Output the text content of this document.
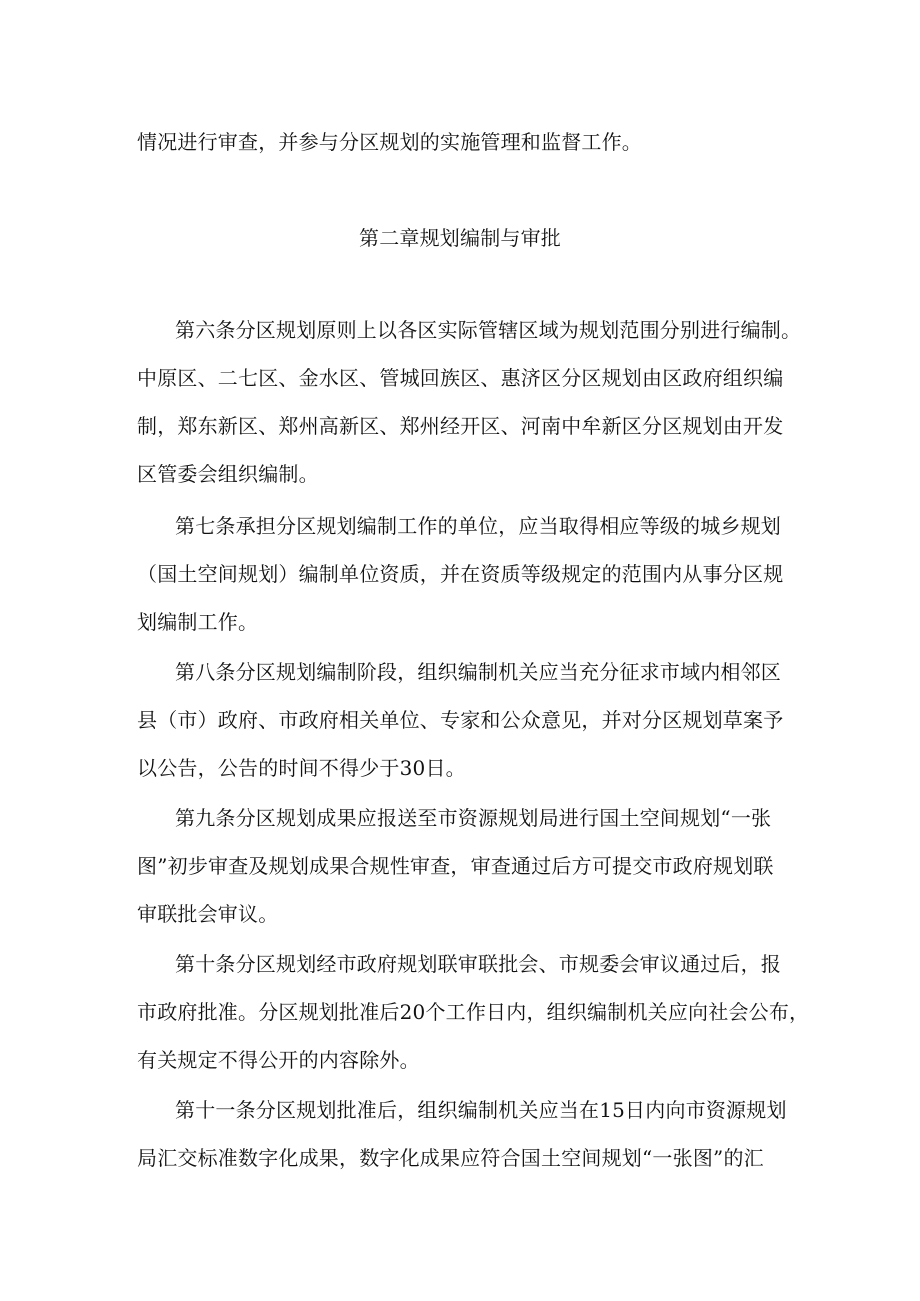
情况进行审查，并参与分区规划的实施管理和监督工作。
第二章规划编制与审批
第六条分区规划原则上以各区实际管辖区域为规划范围分别进行编制。
中原区、二七区、金水区、管城回族区、惠济区分区规划由区政府组织编
制，郑东新区、郑州高新区、郑州经开区、河南中牟新区分区规划由开发
区管委会组织编制。
第七条承担分区规划编制工作的单位，应当取得相应等级的城乡规划
（国土空间规划）编制单位资质，并在资质等级规定的范围内从事分区规
划编制工作。
第八条分区规划编制阶段，组织编制机关应当充分征求市域内相邻区
县（市）政府、市政府相关单位、专家和公众意见，并对分区规划草案予
以公告，公告的时间不得少于30日。
第九条分区规划成果应报送至市资源规划局进行国土空间规划“一张
图”初步审查及规划成果合规性审查，审查通过后方可提交市政府规划联
审联批会审议。
第十条分区规划经市政府规划联审联批会、市规委会审议通过后，报
市政府批准。分区规划批准后20个工作日内，组织编制机关应向社会公布，
有关规定不得公开的内容除外。
第十一条分区规划批准后，组织编制机关应当在15日内向市资源规划
局汇交标准数字化成果，数字化成果应符合国土空间规划“一张图”的汇
